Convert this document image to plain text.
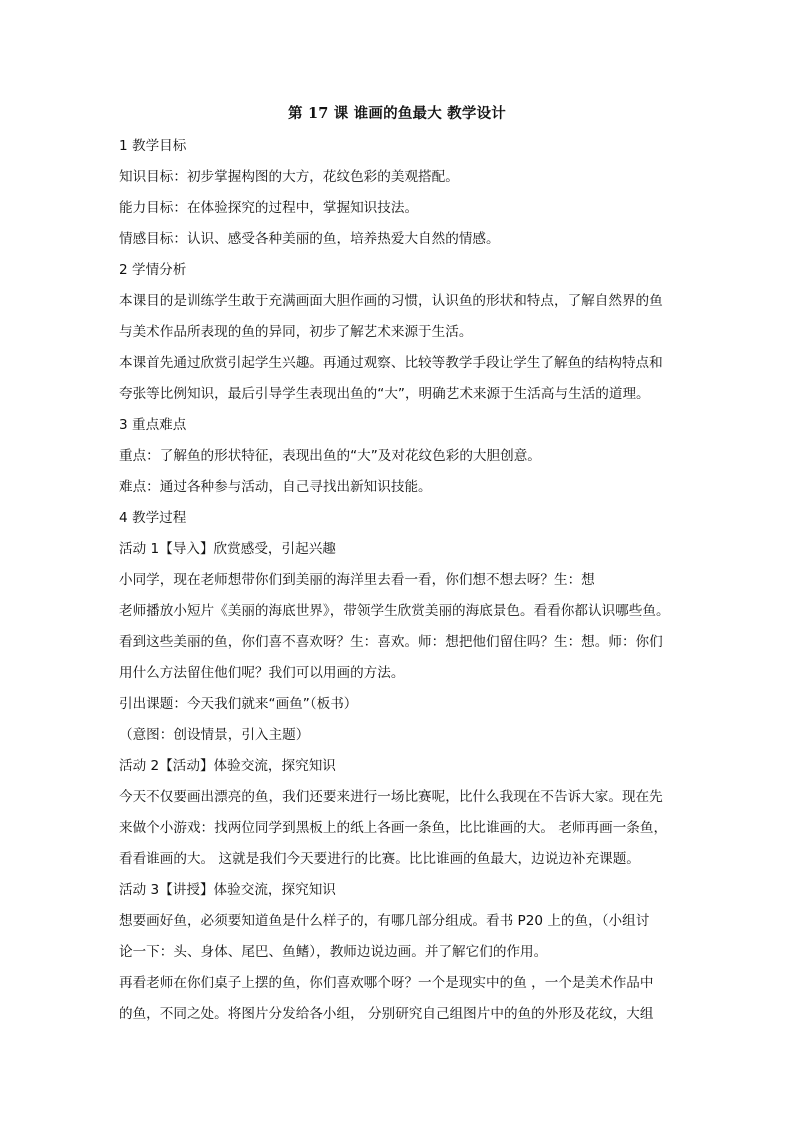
第 17 课 谁画的鱼最大 教学设计
1 教学目标
知识目标：初步掌握构图的大方，花纹色彩的美观搭配。
能力目标：在体验探究的过程中，掌握知识技法。
情感目标：认识、感受各种美丽的鱼，培养热爱大自然的情感。
2 学情分析
本课目的是训练学生敢于充满画面大胆作画的习惯，认识鱼的形状和特点，了解自然界的鱼
与美术作品所表现的鱼的异同，初步了解艺术来源于生活。
本课首先通过欣赏引起学生兴趣。再通过观察、比较等教学手段让学生了解鱼的结构特点和
夸张等比例知识，最后引导学生表现出鱼的“大”，明确艺术来源于生活高与生活的道理。
3 重点难点
重点：了解鱼的形状特征，表现出鱼的“大”及对花纹色彩的大胆创意。
难点：通过各种参与活动，自己寻找出新知识技能。
4 教学过程
活动 1【导入】欣赏感受，引起兴趣
小同学，现在老师想带你们到美丽的海洋里去看一看，你们想不想去呀？生：想
老师播放小短片《美丽的海底世界》，带领学生欣赏美丽的海底景色。看看你都认识哪些鱼。
看到这些美丽的鱼，你们喜不喜欢呀？生：喜欢。师：想把他们留住吗？生：想。师：你们
用什么方法留住他们呢？我们可以用画的方法。
引出课题：今天我们就来“画鱼”（板书）
（意图：创设情景，引入主题）
活动 2【活动】体验交流，探究知识
今天不仅要画出漂亮的鱼，我们还要来进行一场比赛呢，比什么我现在不告诉大家。现在先
来做个小游戏：找两位同学到黑板上的纸上各画一条鱼，比比谁画的大。 老师再画一条鱼，
看看谁画的大。 这就是我们今天要进行的比赛。比比谁画的鱼最大，边说边补充课题。
活动 3【讲授】体验交流，探究知识
想要画好鱼，必须要知道鱼是什么样子的，有哪几部分组成。看书 P20 上的鱼，（小组讨
论一下：头、身体、尾巴、鱼鳍），教师边说边画。并了解它们的作用。
再看老师在你们桌子上摆的鱼，你们喜欢哪个呀？一个是现实中的鱼 ，一个是美术作品中
的鱼，不同之处。将图片分发给各小组， 分别研究自己组图片中的鱼的外形及花纹，大组
